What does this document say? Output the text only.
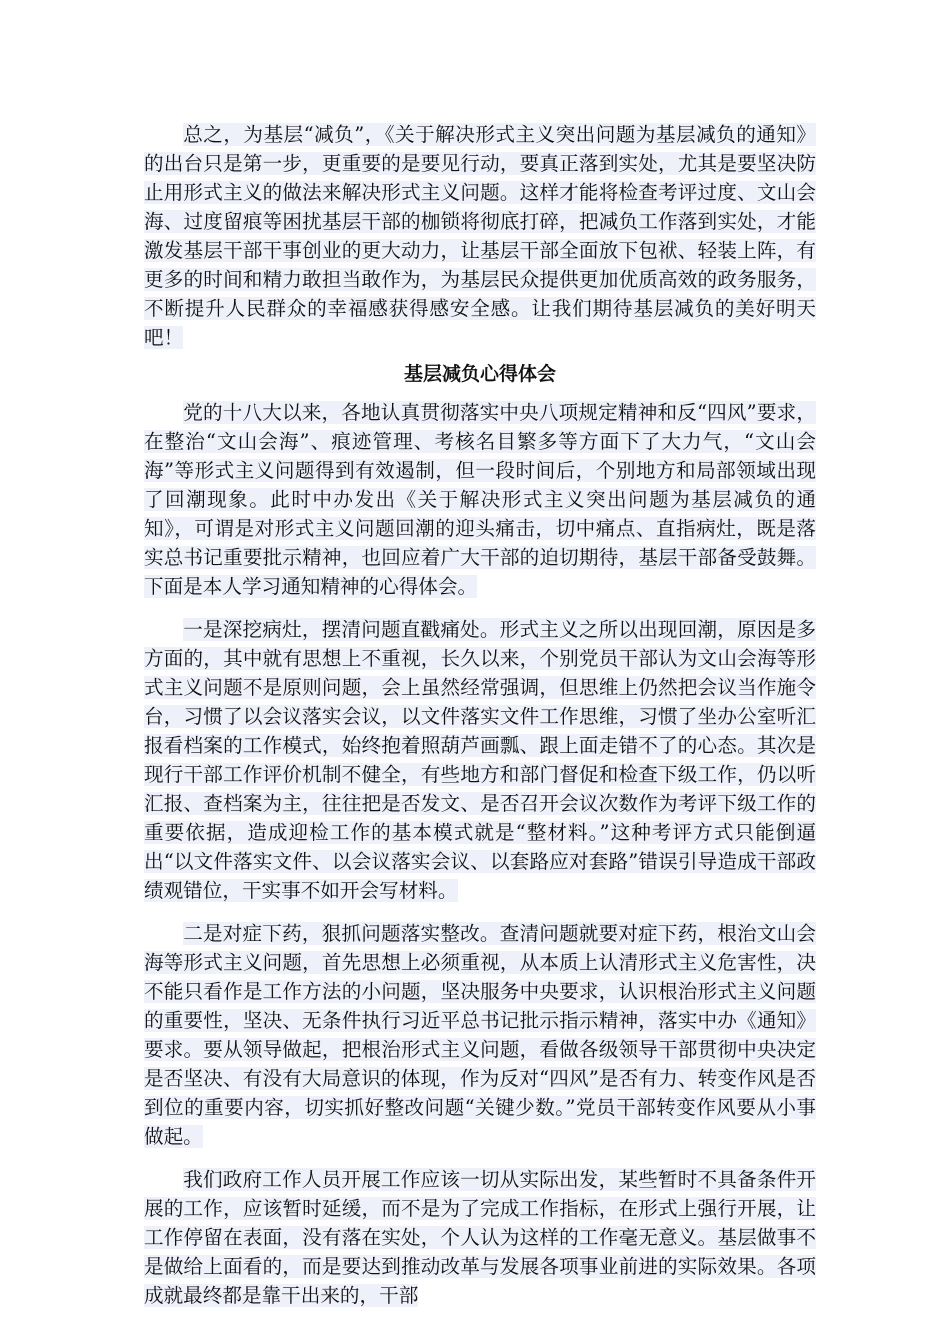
总之，为基层“减负”，《关于解决形式主义突出问题为基层减负的通知》的出台只是第一步，更重要的是要见行动，要真正落到实处，尤其是要坚决防止用形式主义的做法来解决形式主义问题。这样才能将检查考评过度、文山会海、过度留痕等困扰基层干部的枷锁将彻底打碎，把减负工作落到实处，才能激发基层干部干事创业的更大动力，让基层干部全面放下包袱、轻装上阵，有更多的时间和精力敢担当敢作为，为基层民众提供更加优质高效的政务服务，不断提升人民群众的幸福感获得感安全感。让我们期待基层减负的美好明天吧！

基层减负心得体会

党的十八大以来，各地认真贯彻落实中央八项规定精神和反“四风”要求，在整治“文山会海”、痕迹管理、考核名目繁多等方面下了大力气，“文山会海”等形式主义问题得到有效遏制，但一段时间后，个别地方和局部领域出现了回潮现象。此时中办发出《关于解决形式主义突出问题为基层减负的通知》，可谓是对形式主义问题回潮的迎头痛击，切中痛点、直指病灶，既是落实总书记重要批示精神，也回应着广大干部的迫切期待，基层干部备受鼓舞。下面是本人学习通知精神的心得体会。

一是深挖病灶，摆清问题直戳痛处。形式主义之所以出现回潮，原因是多方面的，其中就有思想上不重视，长久以来，个别党员干部认为文山会海等形式主义问题不是原则问题，会上虽然经常强调，但思维上仍然把会议当作施令台，习惯了以会议落实会议，以文件落实文件工作思维，习惯了坐办公室听汇报看档案的工作模式，始终抱着照葫芦画瓢、跟上面走错不了的心态。其次是现行干部工作评价机制不健全，有些地方和部门督促和检查下级工作，仍以听汇报、查档案为主，往往把是否发文、是否召开会议次数作为考评下级工作的重要依据，造成迎检工作的基本模式就是“整材料。”这种考评方式只能倒逼出“以文件落实文件、以会议落实会议、以套路应对套路”错误引导造成干部政绩观错位，干实事不如开会写材料。

二是对症下药，狠抓问题落实整改。查清问题就要对症下药，根治文山会海等形式主义问题，首先思想上必须重视，从本质上认清形式主义危害性，决不能只看作是工作方法的小问题，坚决服务中央要求，认识根治形式主义问题的重要性，坚决、无条件执行习近平总书记批示指示精神，落实中办《通知》要求。要从领导做起，把根治形式主义问题，看做各级领导干部贯彻中央决定是否坚决、有没有大局意识的体现，作为反对“四风”是否有力、转变作风是否到位的重要内容，切实抓好整改问题“关键少数。”党员干部转变作风要从小事做起。

我们政府工作人员开展工作应该一切从实际出发，某些暂时不具备条件开展的工作，应该暂时延缓，而不是为了完成工作指标，在形式上强行开展，让工作停留在表面，没有落在实处，个人认为这样的工作毫无意义。基层做事不是做给上面看的，而是要达到推动改革与发展各项事业前进的实际效果。各项成就最终都是靠干出来的，干部
